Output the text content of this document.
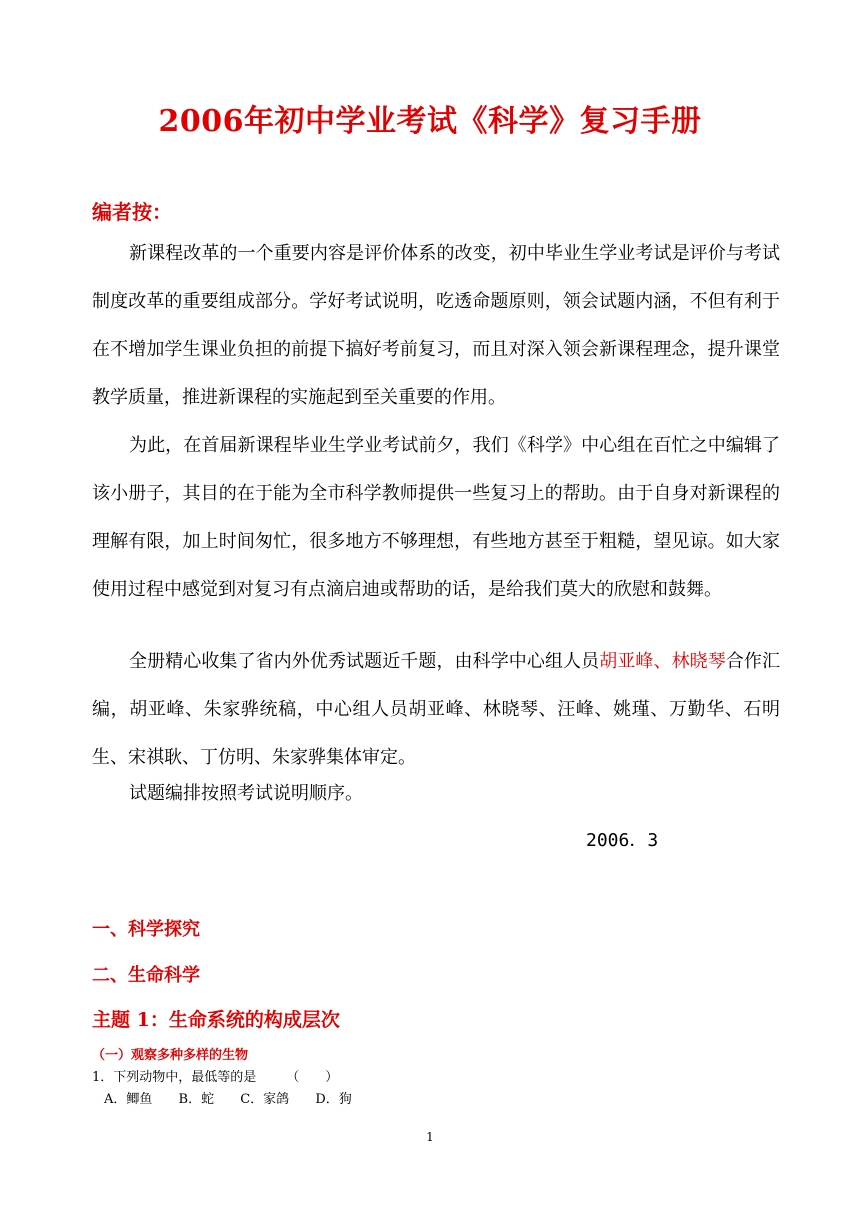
2006年初中学业考试《科学》复习手册
编者按：

新课程改革的一个重要内容是评价体系的改变，初中毕业生学业考试是评价与考试制度改革的重要组成部分。学好考试说明，吃透命题原则，领会试题内涵，不但有利于在不增加学生课业负担的前提下搞好考前复习，而且对深入领会新课程理念，提升课堂教学质量，推进新课程的实施起到至关重要的作用。

为此，在首届新课程毕业生学业考试前夕，我们《科学》中心组在百忙之中编辑了该小册子，其目的在于能为全市科学教师提供一些复习上的帮助。由于自身对新课程的理解有限，加上时间匆忙，很多地方不够理想，有些地方甚至于粗糙，望见谅。如大家使用过程中感觉到对复习有点滴启迪或帮助的话，是给我们莫大的欣慰和鼓舞。

全册精心收集了省内外优秀试题近千题，由科学中心组人员胡亚峰、林晓琴合作汇编，胡亚峰、朱家骅统稿，中心组人员胡亚峰、林晓琴、汪峰、姚瑾、万勤华、石明生、宋祺耿、丁仿明、朱家骅集体审定。

试题编排按照考试说明顺序。

2006．3
一、科学探究
二、生命科学
主题 1：生命系统的构成层次
（一）观察多种多样的生物
1．下列动物中，最低等的是 （　　）
A．鲫鱼 B．蛇 C．家鸽 D．狗
1
